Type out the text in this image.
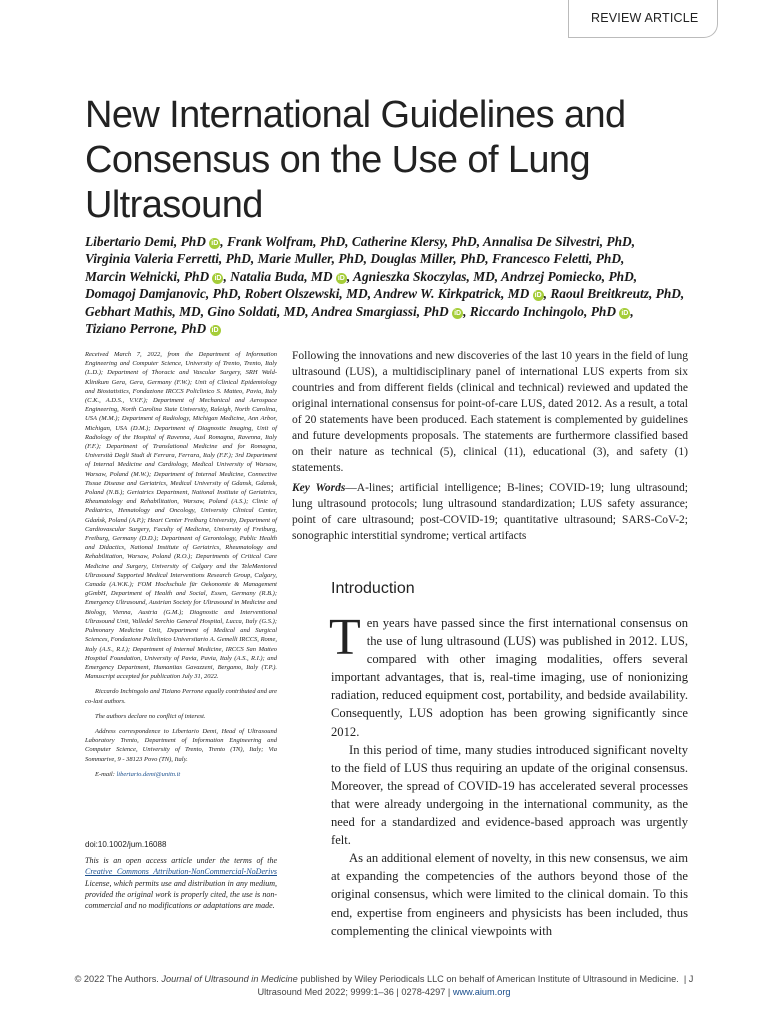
REVIEW ARTICLE
New International Guidelines and
Consensus on the Use of Lung
Ultrasound
Libertario Demi, PhD iD , Frank Wolfram, PhD, Catherine Klersy, PhD, Annalisa De Silvestri, PhD,
Virginia Valeria Ferretti, PhD, Marie Muller, PhD, Douglas Miller, PhD, Francesco Feletti, PhD,
Marcin Wełnicki, PhD iD , Natalia Buda, MD iD , Agnieszka Skoczylas, MD, Andrzej Pomiecko, PhD,
Domagoj Damjanovic, PhD, Robert Olszewski, MD, Andrew W. Kirkpatrick, MD iD , Raoul Breitkreutz, PhD,
Gebhart Mathis, MD, Gino Soldati, MD, Andrea Smargiassi, PhD iD , Riccardo Inchingolo, PhD iD ,
Tiziano Perrone, PhD iD

Received March 7, 2022, from the Department of Information Engineering and Computer Science, University of Trento, Trento, Italy (L.D.); Department of Thoracic and Vascular Surgery, SRH Wald-Klinikum Gera, Gera, Germany (F.W.); Unit of Clinical Epidemiology and Biostatistics, Fondazione IRCCS Policlinico S. Matteo, Pavia, Italy (C.K., A.D.S., V.V.F.); Department of Mechanical and Aerospace Engineering, North Carolina State University, Raleigh, North Carolina, USA (M.M.); Department of Radiology, Michigan Medicine, Ann Arbor, Michigan, USA (D.M.); Department of Diagnostic Imaging, Unit of Radiology of the Hospital of Ravenna, Ausl Romagna, Ravenna, Italy (F.F.); Department of Translational Medicine and for Romagna, Università Degli Studi di Ferrara, Ferrara, Italy (F.F.); 3rd Department of Internal Medicine and Cardiology, Medical University of Warsaw, Warsaw, Poland (M.W.); Department of Internal Medicine, Connective Tissue Disease and Geriatrics, Medical University of Gdansk, Gdansk, Poland (N.B.); Geriatrics Department, National Institute of Geriatrics, Rheumatology and Rehabilitation, Warsaw, Poland (A.S.); Clinic of Pediatrics, Hematology and Oncology, University Clinical Center, Gdańsk, Poland (A.P.); Heart Center Freiburg University, Department of Cardiovascular Surgery, Faculty of Medicine, University of Freiburg, Freiburg, Germany (D.D.); Department of Gerontology, Public Health and Didactics, National Institute of Geriatrics, Rheumatology and Rehabilitation, Warsaw, Poland (R.O.); Departments of Critical Care Medicine and Surgery, University of Calgary and the TeleMentored Ultrasound Supported Medical Interventions Research Group, Calgary, Canada (A.W.K.); FOM Hochschule für Oekonomie & Management gGmbH, Department of Health and Social, Essen, Germany (R.B.); Emergency Ultrasound, Austrian Society for Ultrasound in Medicine and Biology, Vienna, Austria (G.M.); Diagnostic and Interventional Ultrasound Unit, Valledel Serchio General Hospital, Lucca, Italy (G.S.); Pulmonary Medicine Unit, Department of Medical and Surgical Sciences, Fondazione Policlinico Universitario A. Gemelli IRCCS, Rome, Italy (A.S., R.I.); Department of Internal Medicine, IRCCS San Matteo Hospital Foundation, University of Pavia, Pavia, Italy (A.S., R.I.); and Emergency Department, Humanitas Gavazzeni, Bergamo, Italy (T.P.). Manuscript accepted for publication July 31, 2022.

Riccardo Inchingolo and Tiziano Perrone equally contributed and are co-last authors.

The authors declare no conflict of interest.

Address correspondence to Libertario Demi, Head of Ultrasound Laboratory Trento, Department of Information Engineering and Computer Science, University of Trento, Trento (TN), Italy; Via Sommarive, 9 - 38123 Povo (TN), Italy.

E-mail: libertario.demi@unitn.it

doi:10.1002/jum.16088
This is an open access article under the terms of the Creative Commons Attribution-NonCommercial-NoDerivs License, which permits use and distribution in any medium, provided the original work is properly cited, the use is non-commercial and no modifications or adaptations are made.
Following the innovations and new discoveries of the last 10 years in the field of lung ultrasound (LUS), a multidisciplinary panel of international LUS experts from six countries and from different fields (clinical and technical) reviewed and updated the original international consensus for point-of-care LUS, dated 2012. As a result, a total of 20 statements have been produced. Each statement is complemented by guidelines and future developments proposals. The statements are furthermore classified based on their nature as technical (5), clinical (11), educational (3), and safety (1) statements.
Key Words—A-lines; artificial intelligence; B-lines; COVID-19; lung ultrasound; lung ultrasound protocols; lung ultrasound standardization; LUS safety assurance; point of care ultrasound; post-COVID-19; quantitative ultrasound; SARS-CoV-2; sonographic interstitial syndrome; vertical artifacts
Introduction

Ten years have passed since the first international consensus on the use of lung ultrasound (LUS) was published in 2012. LUS, compared with other imaging modalities, offers several important advantages, that is, real-time imaging, use of nonionizing radiation, reduced equipment cost, portability, and bedside availability. Consequently, LUS adoption has been growing significantly since 2012.

In this period of time, many studies introduced significant novelty to the field of LUS thus requiring an update of the original consensus. Moreover, the spread of COVID-19 has accelerated several processes that were already undergoing in the international community, as the need for a standardized and evidence-based approach was urgently felt.

As an additional element of novelty, in this new consensus, we aim at expanding the competencies of the authors beyond those of the original consensus, which were limited to the clinical domain. To this end, expertise from engineers and physicists has been included, thus complementing the clinical viewpoints with

© 2022 The Authors. Journal of Ultrasound in Medicine published by Wiley Periodicals LLC on behalf of American Institute of Ultrasound in Medicine.  | J Ultrasound Med 2022; 9999:1–36 | 0278-4297 | www.aium.org
